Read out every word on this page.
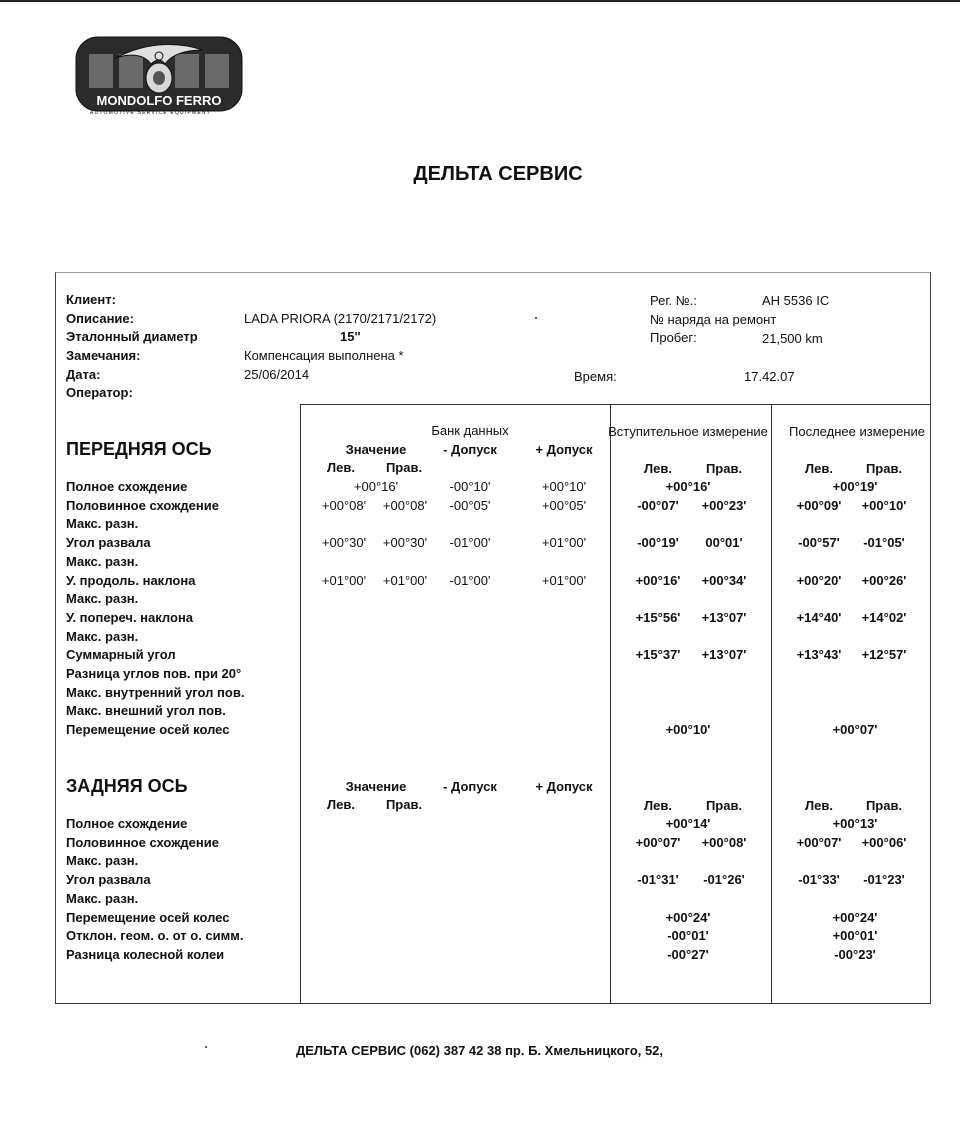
MONDOLFO FERRO
AUTOMOTIVE SERVICE EQUIPMENT
ДЕЛЬТА СЕРВИС
Клиент:
Описание:	LADA PRIORA (2170/2171/2172)
Эталонный диаметр	15''
Замечания:	Компенсация выполнена *
Дата:	25/06/2014
Оператор:
Рег. №.:	АН 5536 IС
№ наряда на ремонт
Пробег:	21,500 km
Время:	17.42.07
Банк данных	Вступительное измерение Последнее измерение
ПЕРЕДНЯЯ ОСЬ	Значение	- Допуск	+ Допуск
Лев. Прав.	Лев.	Прав.	Лев.	Прав.
Полное схождение	+00°16'	-00°10'	+00°10'	+00°16'	+00°19'
Половинное схождение	+00°08' +00°08' -00°05'	+00°05'	-00°07' +00°23'	+00°09' +00°10'
Макс. разн.
Угол развала	+00°30' +00°30' -01°00'	+01°00'	-00°19' 00°01'	-00°57' -01°05'
Макс. разн.
У. продоль. наклона	+01°00' +01°00' -01°00'	+01°00'	+00°16' +00°34'	+00°20' +00°26'
Макс. разн.
У. попереч. наклона	+15°56' +13°07'	+14°40' +14°02'
Макс. разн.
Суммарный угол	+15°37' +13°07'	+13°43' +12°57'
Разница углов пов. при 20°
Макс. внутренний угол пов.
Макс. внешний угол пов.
Перемещение осей колес	+00°10'	+00°07'
ЗАДНЯЯ ОСЬ	Значение	- Допуск	+ Допуск
Лев. Прав.	Лев.	Прав.	Лев.	Прав.
Полное схождение	+00°14'	+00°13'
Половинное схождение	+00°07' +00°08'	+00°07' +00°06'
Макс. разн.
Угол развала	-01°31' -01°26'	-01°33' -01°23'
Макс. разн.
Перемещение осей колес	+00°24'	+00°24'
Отклон. геом. о. от о. симм.	-00°01'	+00°01'
Разница колесной колеи	-00°27'	-00°23'
ДЕЛЬТА СЕРВИС (062) 387 42 38 пр. Б. Хмельницкого, 52,
